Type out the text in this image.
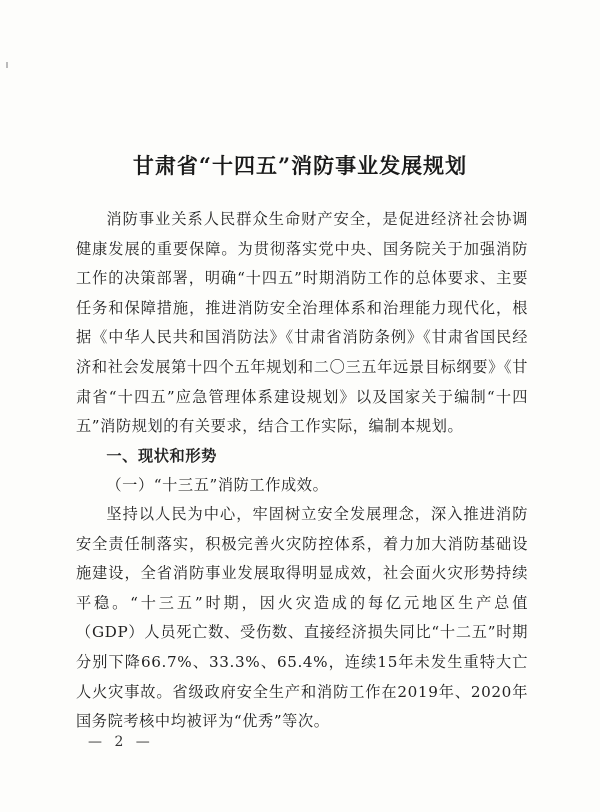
甘肃省“十四五”消防事业发展规划
消防事业关系人民群众生命财产安全，是促进经济社会协调健康发展的重要保障。为贯彻落实党中央、国务院关于加强消防工作的决策部署，明确“十四五”时期消防工作的总体要求、主要任务和保障措施，推进消防安全治理体系和治理能力现代化，根据《中华人民共和国消防法》《甘肃省消防条例》《甘肃省国民经济和社会发展第十四个五年规划和二〇三五年远景目标纲要》《甘肃省“十四五”应急管理体系建设规划》以及国家关于编制“十四五”消防规划的有关要求，结合工作实际，编制本规划。
一、现状和形势
（一）“十三五”消防工作成效。
坚持以人民为中心，牢固树立安全发展理念，深入推进消防安全责任制落实，积极完善火灾防控体系，着力加大消防基础设施建设，全省消防事业发展取得明显成效，社会面火灾形势持续平稳。“十三五”时期，因火灾造成的每亿元地区生产总值（GDP）人员死亡数、受伤数、直接经济损失同比“十二五”时期分别下降66.7%、33.3%、65.4%，连续15年未发生重特大亡人火灾事故。省级政府安全生产和消防工作在2019年、2020年国务院考核中均被评为“优秀”等次。
— 2 —
